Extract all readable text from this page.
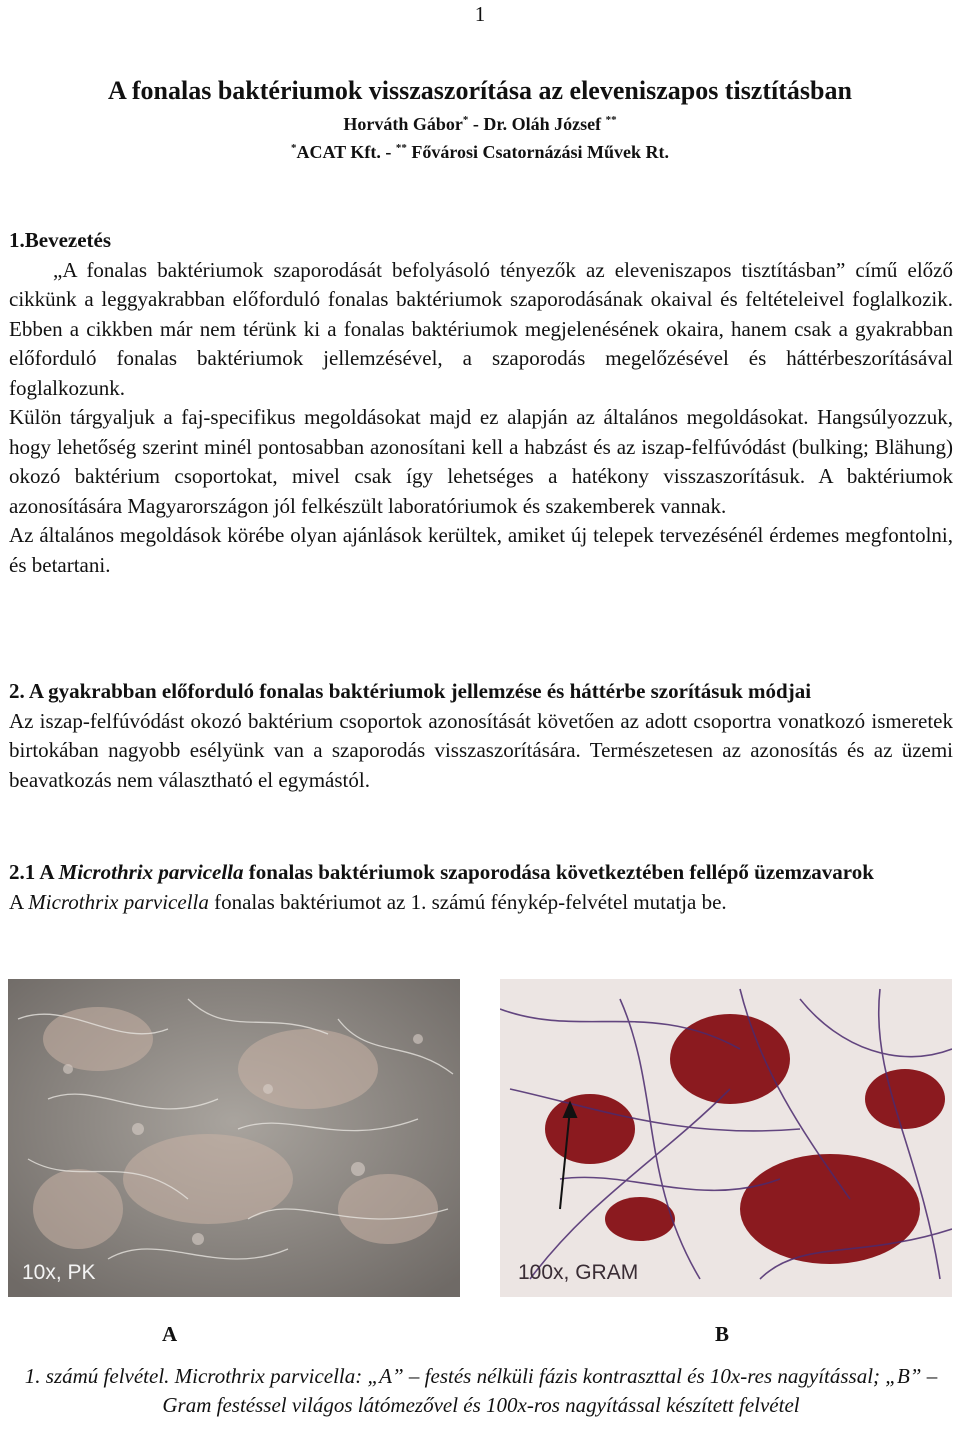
1
A fonalas baktériumok visszaszorítása az eleveniszapos tisztításban
Horváth Gábor* - Dr. Oláh József **
*ACAT Kft. - ** Fővárosi Csatornázási Művek Rt.

1.Bevezetés

„A fonalas baktériumok szaporodását befolyásoló tényezők az eleveniszapos tisztításban” című előző cikkünk a leggyakrabban előforduló fonalas baktériumok szaporodásának okaival és feltételeivel foglalkozik. Ebben a cikkben már nem térünk ki a fonalas baktériumok megjelenésének okaira, hanem csak a gyakrabban előforduló fonalas baktériumok jellemzésével, a szaporodás megelőzésével és háttérbeszorításával foglalkozunk.

Külön tárgyaljuk a faj-specifikus megoldásokat majd ez alapján az általános megoldásokat. Hangsúlyozzuk, hogy lehetőség szerint minél pontosabban azonosítani kell a habzást és az iszap-felfúvódást (bulking; Blähung) okozó baktérium csoportokat, mivel csak így lehetséges a hatékony visszaszorításuk. A baktériumok azonosítására Magyarországon jól felkészült laboratóriumok és szakemberek vannak.

Az általános megoldások körébe olyan ajánlások kerültek, amiket új telepek tervezésénél érdemes megfontolni, és betartani.

2. A gyakrabban előforduló fonalas baktériumok jellemzése és háttérbe szorításuk módjai

Az iszap-felfúvódást okozó baktérium csoportok azonosítását követően az adott csoportra vonatkozó ismeretek birtokában nagyobb esélyünk van a szaporodás visszaszorítására. Természetesen az azonosítás és az üzemi beavatkozás nem választható el egymástól.

2.1 A Microthrix parvicella fonalas baktériumok szaporodása következtében fellépő üzemzavarok

A Microthrix parvicella fonalas baktériumot az 1. számú fénykép-felvétel mutatja be.

10x, PK	100x, GRAM
A	B
1. számú felvétel. Microthrix parvicella: „A” – festés nélküli fázis kontraszttal és 10x-res nagyítással; „B” – Gram festéssel világos látómezővel és 100x-ros nagyítással készített felvétel
